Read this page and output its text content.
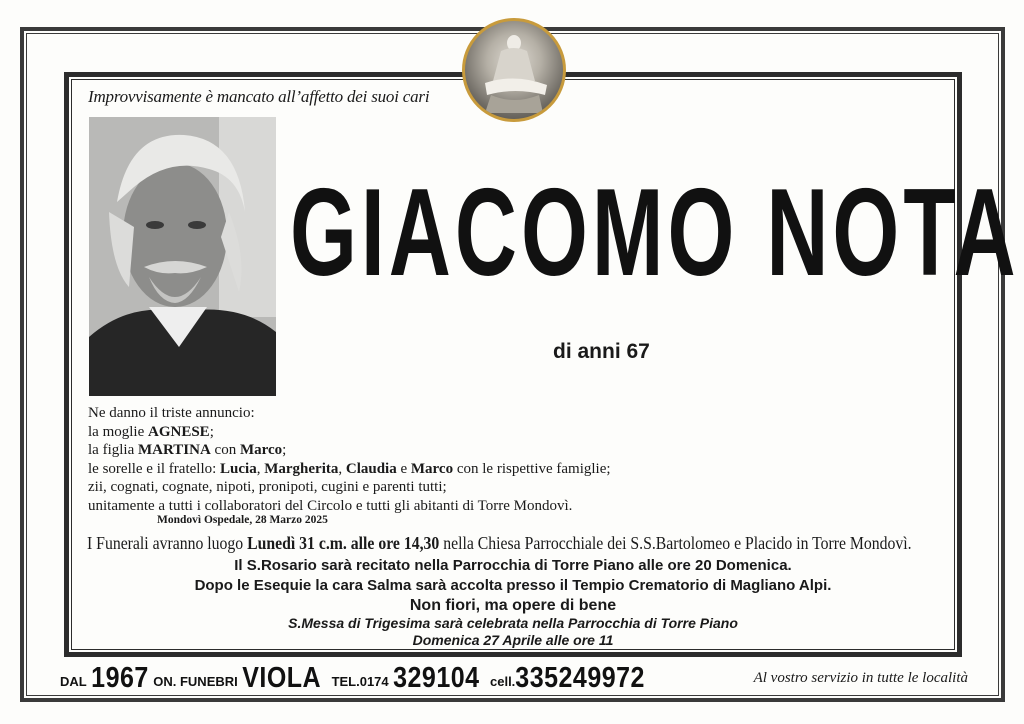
Improvvisamente è mancato all’affetto dei suoi cari
GIACOMO NOTA
di anni 67
Ne danno il triste annuncio:
la moglie AGNESE;
la figlia MARTINA con Marco;
le sorelle e il fratello: Lucia, Margherita, Claudia e Marco con le rispettive famiglie;
zii, cognati, cognate, nipoti, pronipoti, cugini e parenti tutti;
unitamente a tutti i collaboratori del Circolo e tutti gli abitanti di Torre Mondovì.
Mondovì Ospedale, 28 Marzo 2025
I Funerali avranno luogo Lunedì 31 c.m. alle ore 14,30 nella Chiesa Parrocchiale dei S.S.Bartolomeo e Placido in Torre Mondovì.
Il S.Rosario sarà recitato nella Parrocchia di Torre Piano alle ore 20 Domenica.
Dopo le Esequie la cara Salma sarà accolta presso il Tempio Crematorio di Magliano Alpi.
Non fiori, ma opere di bene
S.Messa di Trigesima sarà celebrata nella Parrocchia di Torre Piano
Domenica 27 Aprile alle ore 11
DAL 1967 ON. FUNEBRI VIOLA TEL.0174 329104 cell.335249972	Al vostro servizio in tutte le località
